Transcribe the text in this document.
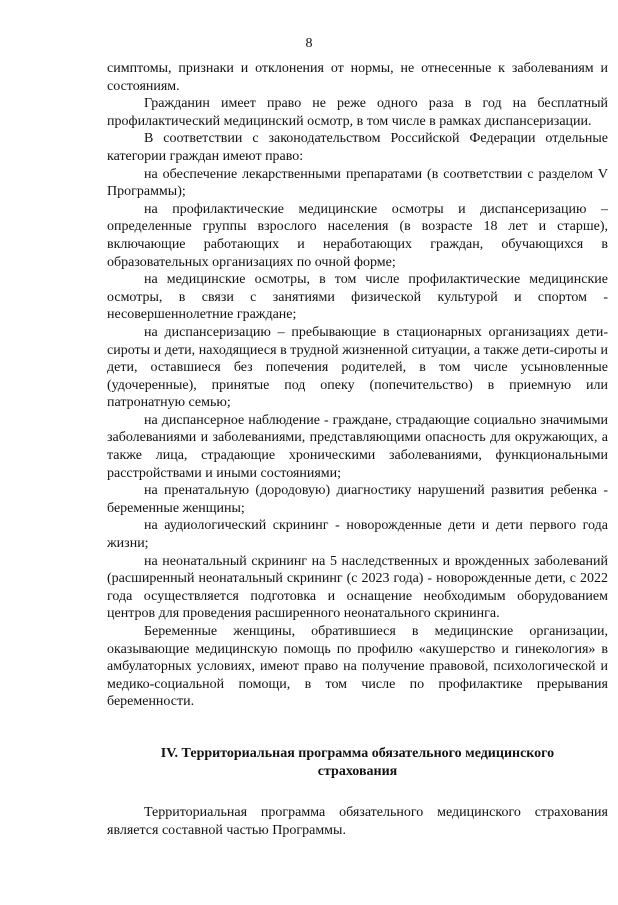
8

симптомы, признаки и отклонения от нормы, не отнесенные к заболеваниям и состояниям.

Гражданин имеет право не реже одного раза в год на бесплатный профилактический медицинский осмотр, в том числе в рамках диспансеризации.

В соответствии с законодательством Российской Федерации отдельные категории граждан имеют право:

на обеспечение лекарственными препаратами (в соответствии с разделом V Программы);

на профилактические медицинские осмотры и диспансеризацию – определенные группы взрослого населения (в возрасте 18 лет и старше), включающие работающих и неработающих граждан, обучающихся в образовательных организациях по очной форме;

на медицинские осмотры, в том числе профилактические медицинские осмотры, в связи с занятиями физической культурой и спортом - несовершеннолетние граждане;

на диспансеризацию – пребывающие в стационарных организациях дети-сироты и дети, находящиеся в трудной жизненной ситуации, а также дети-сироты и дети, оставшиеся без попечения родителей, в том числе усыновленные (удочеренные), принятые под опеку (попечительство) в приемную или патронатную семью;

на диспансерное наблюдение - граждане, страдающие социально значимыми заболеваниями и заболеваниями, представляющими опасность для окружающих, а также лица, страдающие хроническими заболеваниями, функциональными расстройствами и иными состояниями;

на пренатальную (дородовую) диагностику нарушений развития ребенка - беременные женщины;

на аудиологический скрининг - новорожденные дети и дети первого года жизни;

на неонатальный скрининг на 5 наследственных и врожденных заболеваний (расширенный неонатальный скрининг (с 2023 года) - новорожденные дети, с 2022 года осуществляется подготовка и оснащение необходимым оборудованием центров для проведения расширенного неонатального скрининга.

Беременные женщины, обратившиеся в медицинские организации, оказывающие медицинскую помощь по профилю «акушерство и гинекология» в амбулаторных условиях, имеют право на получение правовой, психологической и медико-социальной помощи, в том числе по профилактике прерывания беременности.

IV. Территориальная программа обязательного медицинского
страхования

Территориальная программа обязательного медицинского страхования является составной частью Программы.
